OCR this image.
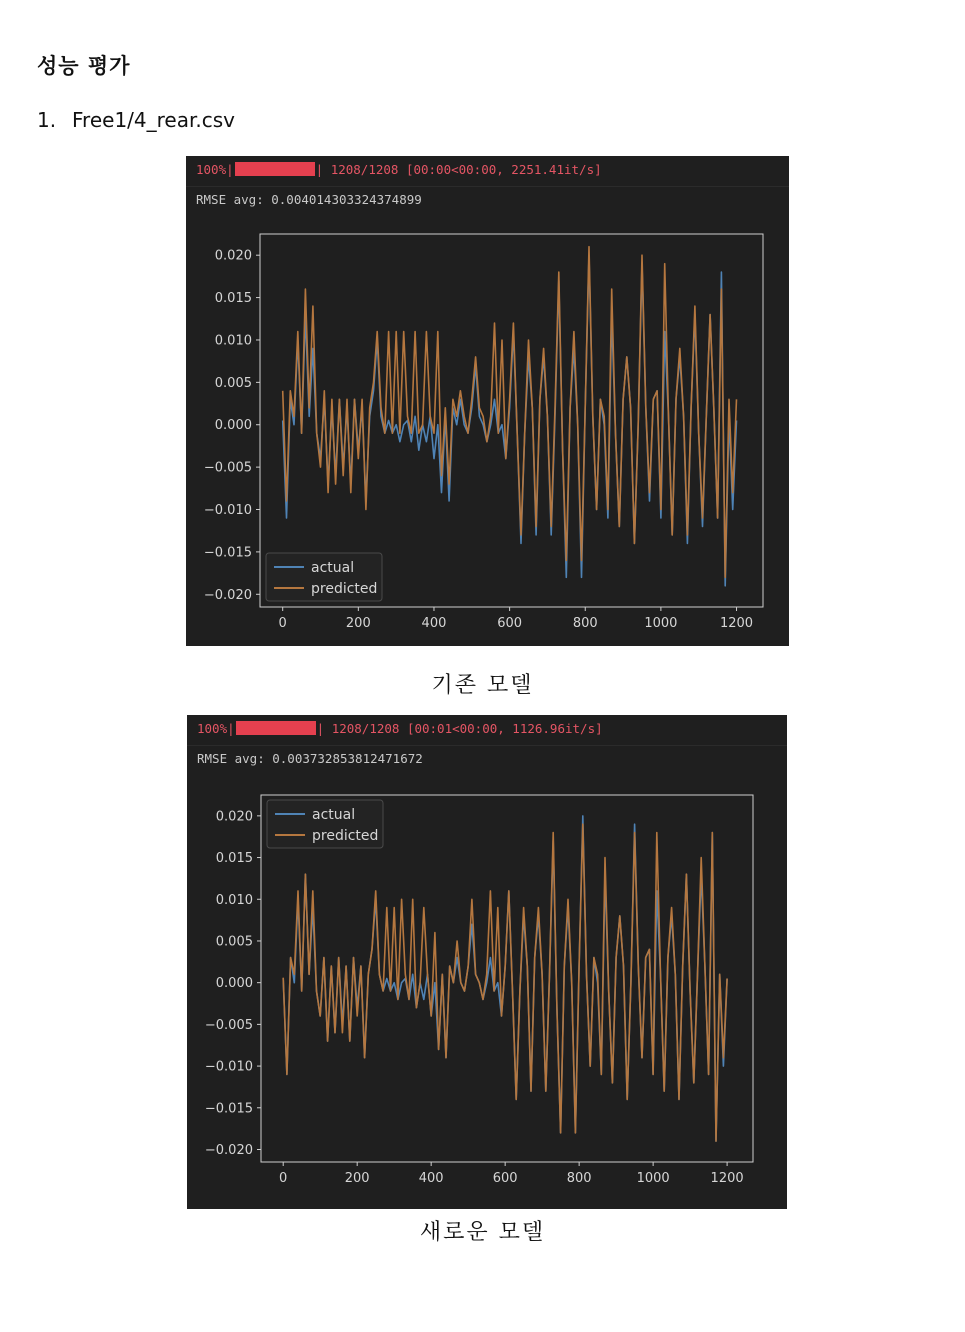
성능 평가
1. Free1/4_rear.csv
100%|	| 1208/1208 [00:00<00:00, 2251.41it/s]
RMSE avg: 0.004014303324374899
0.020
0.015
0.010
0.005
0.000
−0.005
−0.010
−0.015
−0.020
0	200	400	600	800	1000	1200
actual
predicted
기존 모델
100%|	| 1208/1208 [00:01<00:00, 1126.96it/s]
RMSE avg: 0.003732853812471672
0.020
0.015
0.010
0.005
0.000
−0.005
−0.010
−0.015
−0.020
0	200	400	600	800	1000	1200
actual
predicted
새로운 모델
